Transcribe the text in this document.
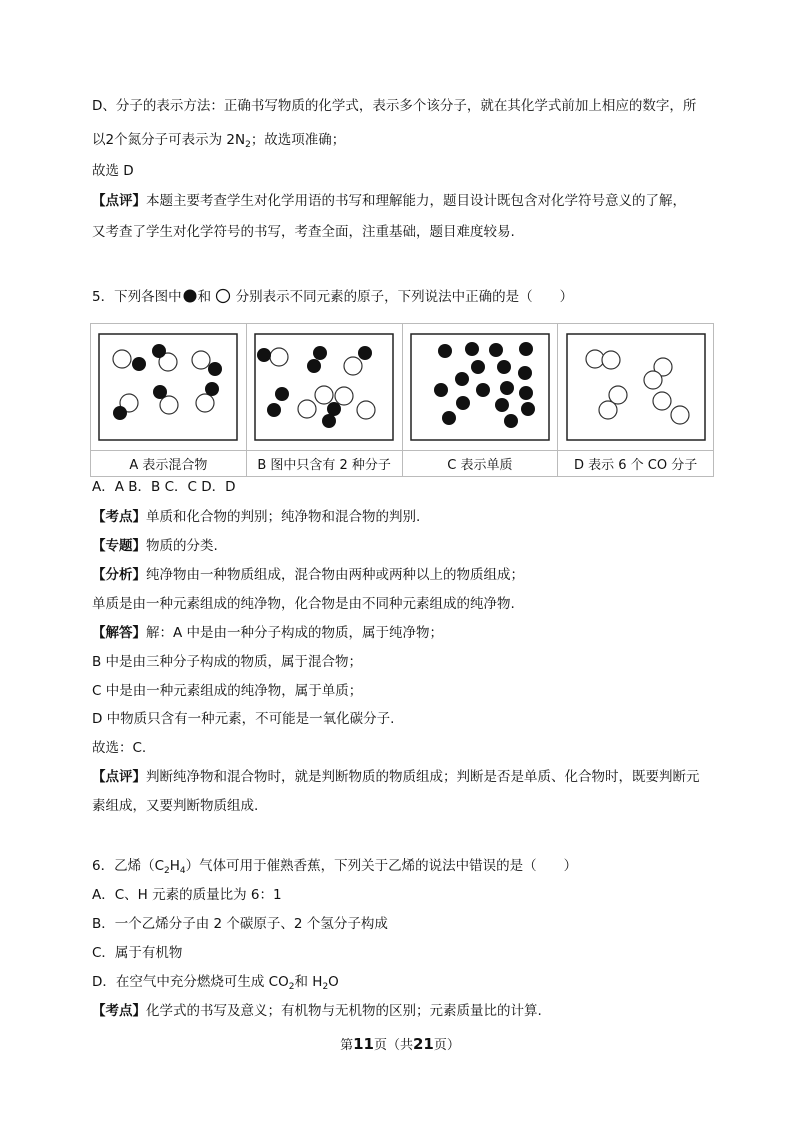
D、分子的表示方法：正确书写物质的化学式，表示多个该分子，就在其化学式前加上相应的数字，所
以2个氮分子可表示为 $2N_2$；故选项准确；
故选 D
【点评】本题主要考查学生对化学用语的书写和理解能力，题目设计既包含对化学符号意义的了解，
又考查了学生对化学符号的书写，考查全面，注重基础，题目难度较易.
5．下列各图中 和 分别表示不同元素的原子，下列说法中正确的是（　　）

A 表示混合物	B 图中只含有 2 种分子	C 表示单质	D 表示 6 个 CO 分子
A．A B．B C．C D．D
【考点】单质和化合物的判别；纯净物和混合物的判别.
【专题】物质的分类.
【分析】纯净物由一种物质组成，混合物由两种或两种以上的物质组成；
单质是由一种元素组成的纯净物，化合物是由不同种元素组成的纯净物.
【解答】解：A 中是由一种分子构成的物质，属于纯净物；
B 中是由三种分子构成的物质，属于混合物；
C 中是由一种元素组成的纯净物，属于单质；
D 中物质只含有一种元素，不可能是一氧化碳分子.
故选：C.
【点评】判断纯净物和混合物时，就是判断物质的物质组成；判断是否是单质、化合物时，既要判断元
素组成，又要判断物质组成.
6．乙烯$(C_2H_4)$气体可用于催熟香蕉，下列关于乙烯的说法中错误的是（　　）
A．C、H 元素的质量比为 6：1
B．一个乙烯分子由 2 个碳原子、2 个氢分子构成
C．属于有机物
D．在空气中充分燃烧可生成 $CO_2$和 $H_2O$
【考点】化学式的书写及意义；有机物与无机物的区别；元素质量比的计算.
第11页（共21页）
